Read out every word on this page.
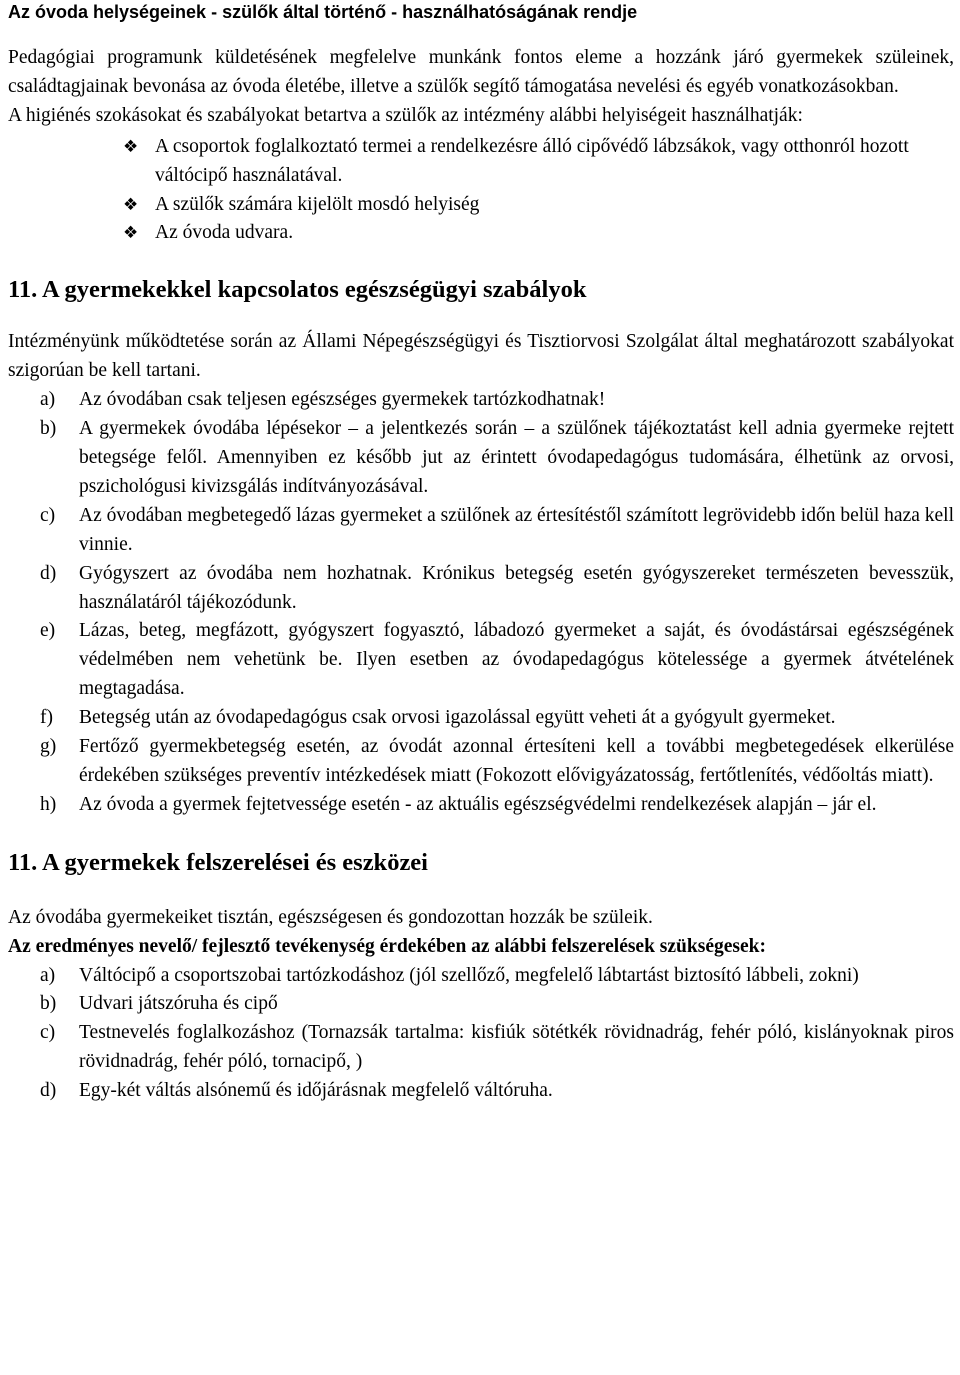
Az óvoda helységeinek - szülők által történő - használhatóságának rendje

Pedagógiai programunk küldetésének megfelelve munkánk fontos eleme a hozzánk járó gyermekek szüleinek, családtagjainak bevonása az óvoda életébe, illetve a szülők segítő támogatása nevelési és egyéb vonatkozásokban.

A higiénés szokásokat és szabályokat betartva a szülők az intézmény alábbi helyiségeit használhatják:

❖ A csoportok foglalkoztató termei a rendelkezésre álló cipővédő lábzsákok, vagy otthonról hozott váltócipő használatával.
❖ A szülők számára kijelölt mosdó helyiség
❖ Az óvoda udvara.
11. A gyermekekkel kapcsolatos egészségügyi szabályok

Intézményünk működtetése során az Állami Népegészségügyi és Tisztiorvosi Szolgálat által meghatározott szabályokat szigorúan be kell tartani.

a) Az óvodában csak teljesen egészséges gyermekek tartózkodhatnak!
b) A gyermekek óvodába lépésekor – a jelentkezés során – a szülőnek tájékoztatást kell adnia gyermeke rejtett betegsége felől. Amennyiben ez később jut az érintett óvodapedagógus tudomására, élhetünk az orvosi, pszichológusi kivizsgálás indítványozásával.
c) Az óvodában megbetegedő lázas gyermeket a szülőnek az értesítéstől számított legrövidebb időn belül haza kell vinnie.
d) Gyógyszert az óvodába nem hozhatnak. Krónikus betegség esetén gyógyszereket természeten bevesszük, használatáról tájékozódunk.
e) Lázas, beteg, megfázott, gyógyszert fogyasztó, lábadozó gyermeket a saját, és óvodástársai egészségének védelmében nem vehetünk be. Ilyen esetben az óvodapedagógus kötelessége a gyermek átvételének megtagadása.
f) Betegség után az óvodapedagógus csak orvosi igazolással együtt veheti át a gyógyult gyermeket.
g) Fertőző gyermekbetegség esetén, az óvodát azonnal értesíteni kell a további megbetegedések elkerülése érdekében szükséges preventív intézkedések miatt (Fokozott elővigyázatosság, fertőtlenítés, védőoltás miatt).
h) Az óvoda a gyermek fejtetvessége esetén - az aktuális egészségvédelmi rendelkezések alapján – jár el.
11. A gyermekek felszerelései és eszközei

Az óvodába gyermekeiket tisztán, egészségesen és gondozottan hozzák be szüleik.

Az eredményes nevelő/ fejlesztő tevékenység érdekében az alábbi felszerelések szükségesek:

a) Váltócipő a csoportszobai tartózkodáshoz (jól szellőző, megfelelő lábtartást biztosító lábbeli, zokni)
b) Udvari játszóruha és cipő
c) Testnevelés foglalkozáshoz (Tornazsák tartalma: kisfiúk sötétkék rövidnadrág, fehér póló, kislányoknak piros rövidnadrág, fehér póló, tornacipő, )
d) Egy-két váltás alsónemű és időjárásnak megfelelő váltóruha.
